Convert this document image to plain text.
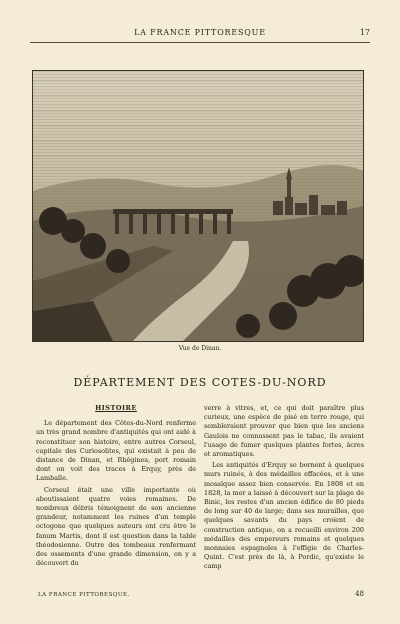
LA FRANCE PITTORESQUE	17
Vue de Dinan.
DÉPARTEMENT DES COTES-DU-NORD
HISTOIRE

Le département des Côtes-du-Nord renferme un très grand nombre d'antiquités qui ont aidé à reconstituer son histoire, entre autres Corseul, capitale des Curiosolites, qui existait à peu de distance de Dinan, et Rhéginea, port romain dont on voit des traces à Erquy, près de Lamballe.

Corseul était une ville importante où aboutissaient quatre voies romaines. De nombreux débris témoignent de son ancienne grandeur, notamment les ruines d'un temple octogone que quelques auteurs ont cru être le fanum Martis, dont il est question dans la table théodosienne. Outre des tombeaux renfermant des ossements d'une grande dimension, on y a découvert du

verre à vitres, et, ce qui doit paraître plus curieux, une espèce de pisé en terre rouge, qui sembleraient prouver que bien que les anciens Gaulois ne connussent pas le tabac, ils avaient l'usage de fumer quelques plantes fortes, âcres et aromatiques.

Les antiquités d'Erquy se bornent à quelques murs ruinés, à des médailles effacées, et à une mosaïque assez bien conservée. En 1808 et en 1828, la mer a laissé à découvert sur la plage de Binic, les restes d'un ancien édifice de 80 pieds de long sur 40 de large; dans ses murailles, que quelques savants du pays croient de construction antique, on a recueilli environ 200 médailles des empereurs romains et quelques monnaies espagnoles à l'effigie de Charles-Quint. C'est près de là, à Pordic, qu'existe le camp

LA FRANCE PITTORESQUE.	48
